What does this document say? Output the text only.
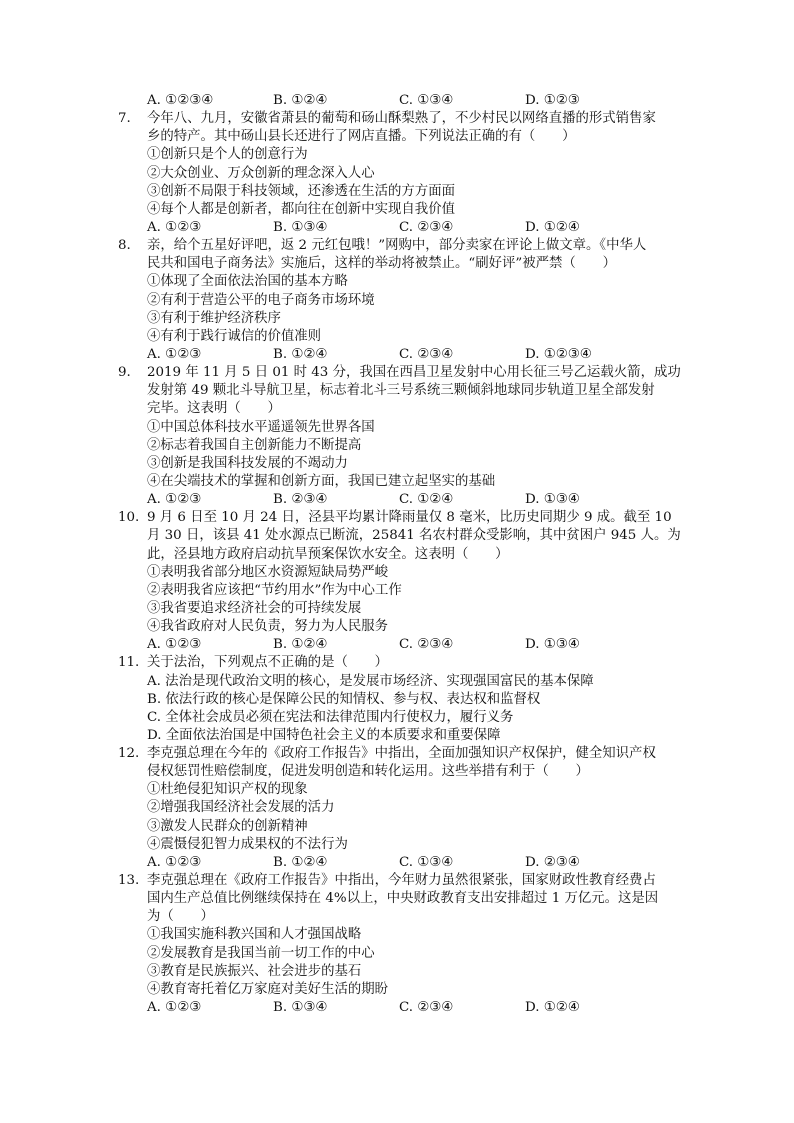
A. ①②③④	B. ①②④	C. ①③④	D. ①②③
7. 今年八、九月，安徽省萧县的葡萄和砀山酥梨熟了，不少村民以网络直播的形式销售家
乡的特产。其中砀山县长还进行了网店直播。下列说法正确的有（　　）
①创新只是个人的创意行为
②大众创业、万众创新的理念深入人心
③创新不局限于科技领域，还渗透在生活的方方面面
④每个人都是创新者，都向往在创新中实现自我价值
A. ①②③	B. ①③④	C. ②③④	D. ①②④
8. 亲，给个五星好评吧，返 2 元红包哦！”网购中，部分卖家在评论上做文章。《中华人
民共和国电子商务法》实施后，这样的举动将被禁止。“刷好评”被严禁（　　）
①体现了全面依法治国的基本方略
②有利于营造公平的电子商务市场环境
③有利于维护经济秩序
④有利于践行诚信的价值准则
A. ①②③	B. ①②④	C. ②③④	D. ①②③④
9. 2019 年 11 月 5 日 01 时 43 分，我国在西昌卫星发射中心用长征三号乙运载火箭，成功
发射第 49 颗北斗导航卫星，标志着北斗三号系统三颗倾斜地球同步轨道卫星全部发射
完毕。这表明（　　）
①中国总体科技水平遥遥领先世界各国
②标志着我国自主创新能力不断提高
③创新是我国科技发展的不竭动力
④在尖端技术的掌握和创新方面，我国已建立起坚实的基础
A. ①②③	B. ②③④	C. ①②④	D. ①③④
10. 9 月 6 日至 10 月 24 日，泾县平均累计降雨量仅 8 毫米，比历史同期少 9 成。截至 10
月 30 日，该县 41 处水源点已断流，25841 名农村群众受影响，其中贫困户 945 人。为
此，泾县地方政府启动抗旱预案保饮水安全。这表明（　　）
①表明我省部分地区水资源短缺局势严峻
②表明我省应该把“节约用水”作为中心工作
③我省要追求经济社会的可持续发展
④我省政府对人民负责，努力为人民服务
A. ①②③	B. ①②④	C. ②③④	D. ①③④
11. 关于法治，下列观点不正确的是（　　）
A. 法治是现代政治文明的核心，是发展市场经济、实现强国富民的基本保障
B. 依法行政的核心是保障公民的知情权、参与权、表达权和监督权
C. 全体社会成员必须在宪法和法律范围内行使权力，履行义务
D. 全面依法治国是中国特色社会主义的本质要求和重要保障
12. 李克强总理在今年的《政府工作报告》中指出，全面加强知识产权保护，健全知识产权
侵权惩罚性赔偿制度，促进发明创造和转化运用。这些举措有利于（　　）
①杜绝侵犯知识产权的现象
②增强我国经济社会发展的活力
③激发人民群众的创新精神
④震慑侵犯智力成果权的不法行为
A. ①②③	B. ①②④	C. ①③④	D. ②③④
13. 李克强总理在《政府工作报告》中指出，今年财力虽然很紧张，国家财政性教育经费占
国内生产总值比例继续保持在 4%以上，中央财政教育支出安排超过 1 万亿元。这是因
为（　　）
①我国实施科教兴国和人才强国战略
②发展教育是我国当前一切工作的中心
③教育是民族振兴、社会进步的基石
④教育寄托着亿万家庭对美好生活的期盼
A. ①②③	B. ①③④	C. ②③④	D. ①②④
